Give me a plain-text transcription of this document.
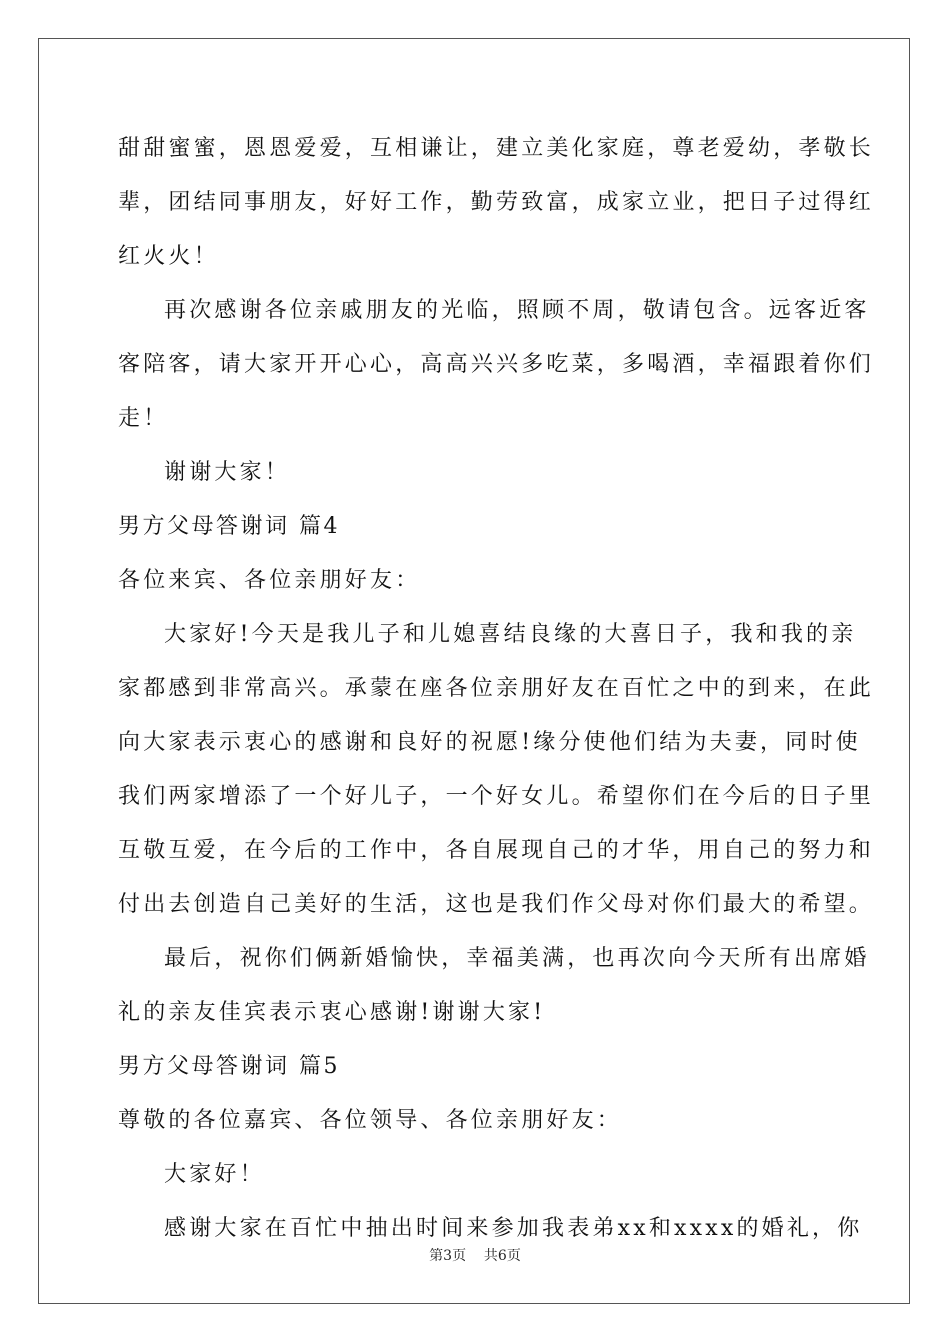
甜甜蜜蜜，恩恩爱爱，互相谦让，建立美化家庭，尊老爱幼，孝敬长
辈，团结同事朋友，好好工作，勤劳致富，成家立业，把日子过得红
红火火！
再次感谢各位亲戚朋友的光临，照顾不周，敬请包含。远客近客
客陪客，请大家开开心心，高高兴兴多吃菜，多喝酒，幸福跟着你们
走！
谢谢大家！
男方父母答谢词 篇4
各位来宾、各位亲朋好友：
大家好!今天是我儿子和儿媳喜结良缘的大喜日子，我和我的亲
家都感到非常高兴。承蒙在座各位亲朋好友在百忙之中的到来，在此
向大家表示衷心的感谢和良好的祝愿!缘分使他们结为夫妻，同时使
我们两家增添了一个好儿子，一个好女儿。希望你们在今后的日子里
互敬互爱，在今后的工作中，各自展现自己的才华，用自己的努力和
付出去创造自己美好的生活，这也是我们作父母对你们最大的希望。
最后，祝你们俩新婚愉快，幸福美满，也再次向今天所有出席婚
礼的亲友佳宾表示衷心感谢!谢谢大家!
男方父母答谢词 篇5
尊敬的各位嘉宾、各位领导、各位亲朋好友：
大家好！
感谢大家在百忙中抽出时间来参加我表弟xx和xxxx的婚礼，你
第3页 共6页
